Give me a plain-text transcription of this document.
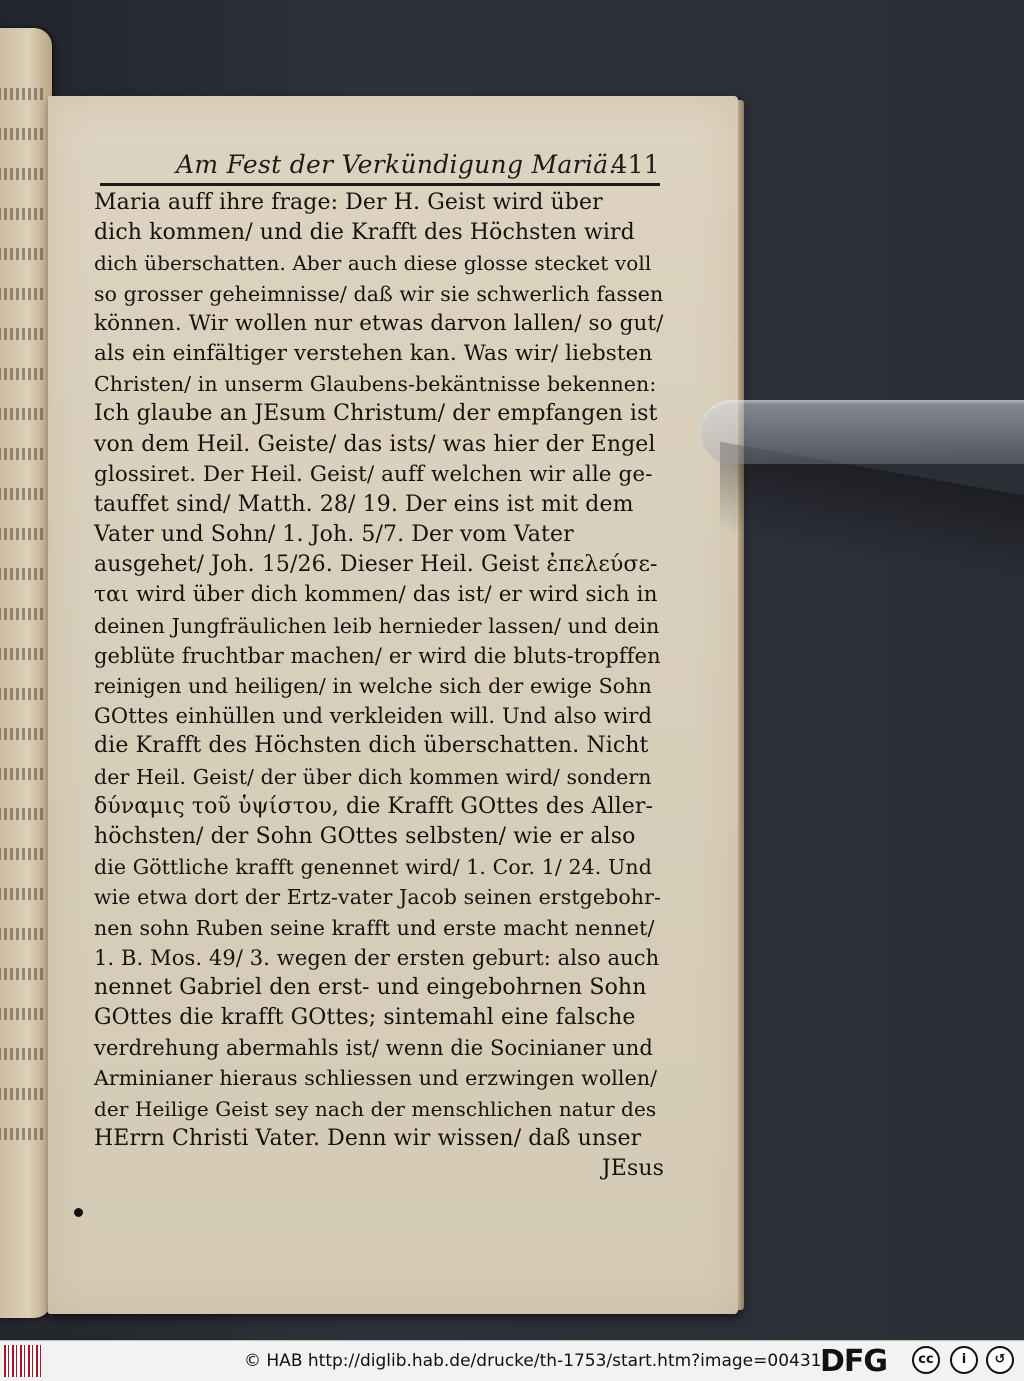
Am Fest der Verkündigung Mariä.
411
Maria auff ihre frage: Der H. Geist wird über
dich kommen/ und die Krafft des Höchsten wird
dich überschatten. Aber auch diese glosse stecket voll
so grosser geheimnisse/ daß wir sie schwerlich fassen
können. Wir wollen nur etwas darvon lallen/ so gut/
als ein einfältiger verstehen kan. Was wir/ liebsten
Christen/ in unserm Glaubens-bekäntnisse bekennen:
Ich glaube an JEsum Christum/ der empfangen ist
von dem Heil. Geiste/ das ists/ was hier der Engel
glossiret. Der Heil. Geist/ auff welchen wir alle ge-
tauffet sind/ Matth. 28/ 19. Der eins ist mit dem
Vater und Sohn/ 1. Joh. 5/7. Der vom Vater
ausgehet/ Joh. 15/26. Dieser Heil. Geist ἐπελεύσε-
ται wird über dich kommen/ das ist/ er wird sich in
deinen Jungfräulichen leib hernieder lassen/ und dein
geblüte fruchtbar machen/ er wird die bluts-tropffen
reinigen und heiligen/ in welche sich der ewige Sohn
GOttes einhüllen und verkleiden will. Und also wird
die Krafft des Höchsten dich überschatten. Nicht
der Heil. Geist/ der über dich kommen wird/ sondern
δύναμις τοῦ ὑψίστου, die Krafft GOttes des Aller-
höchsten/ der Sohn GOttes selbsten/ wie er also
die Göttliche krafft genennet wird/ 1. Cor. 1/ 24. Und
wie etwa dort der Ertz-vater Jacob seinen erstgebohr-
nen sohn Ruben seine krafft und erste macht nennet/
1. B. Mos. 49/ 3. wegen der ersten geburt: also auch
nennet Gabriel den erst- und eingebohrnen Sohn
GOttes die krafft GOttes; sintemahl eine falsche
verdrehung abermahls ist/ wenn die Socinianer und
Arminianer hieraus schliessen und erzwingen wollen/
der Heilige Geist sey nach der menschlichen natur des
HErrn Christi Vater. Denn wir wissen/ daß unser
JEsus
© HAB http://diglib.hab.de/drucke/th-1753/start.htm?image=00431
DFG	cc	i	↺
